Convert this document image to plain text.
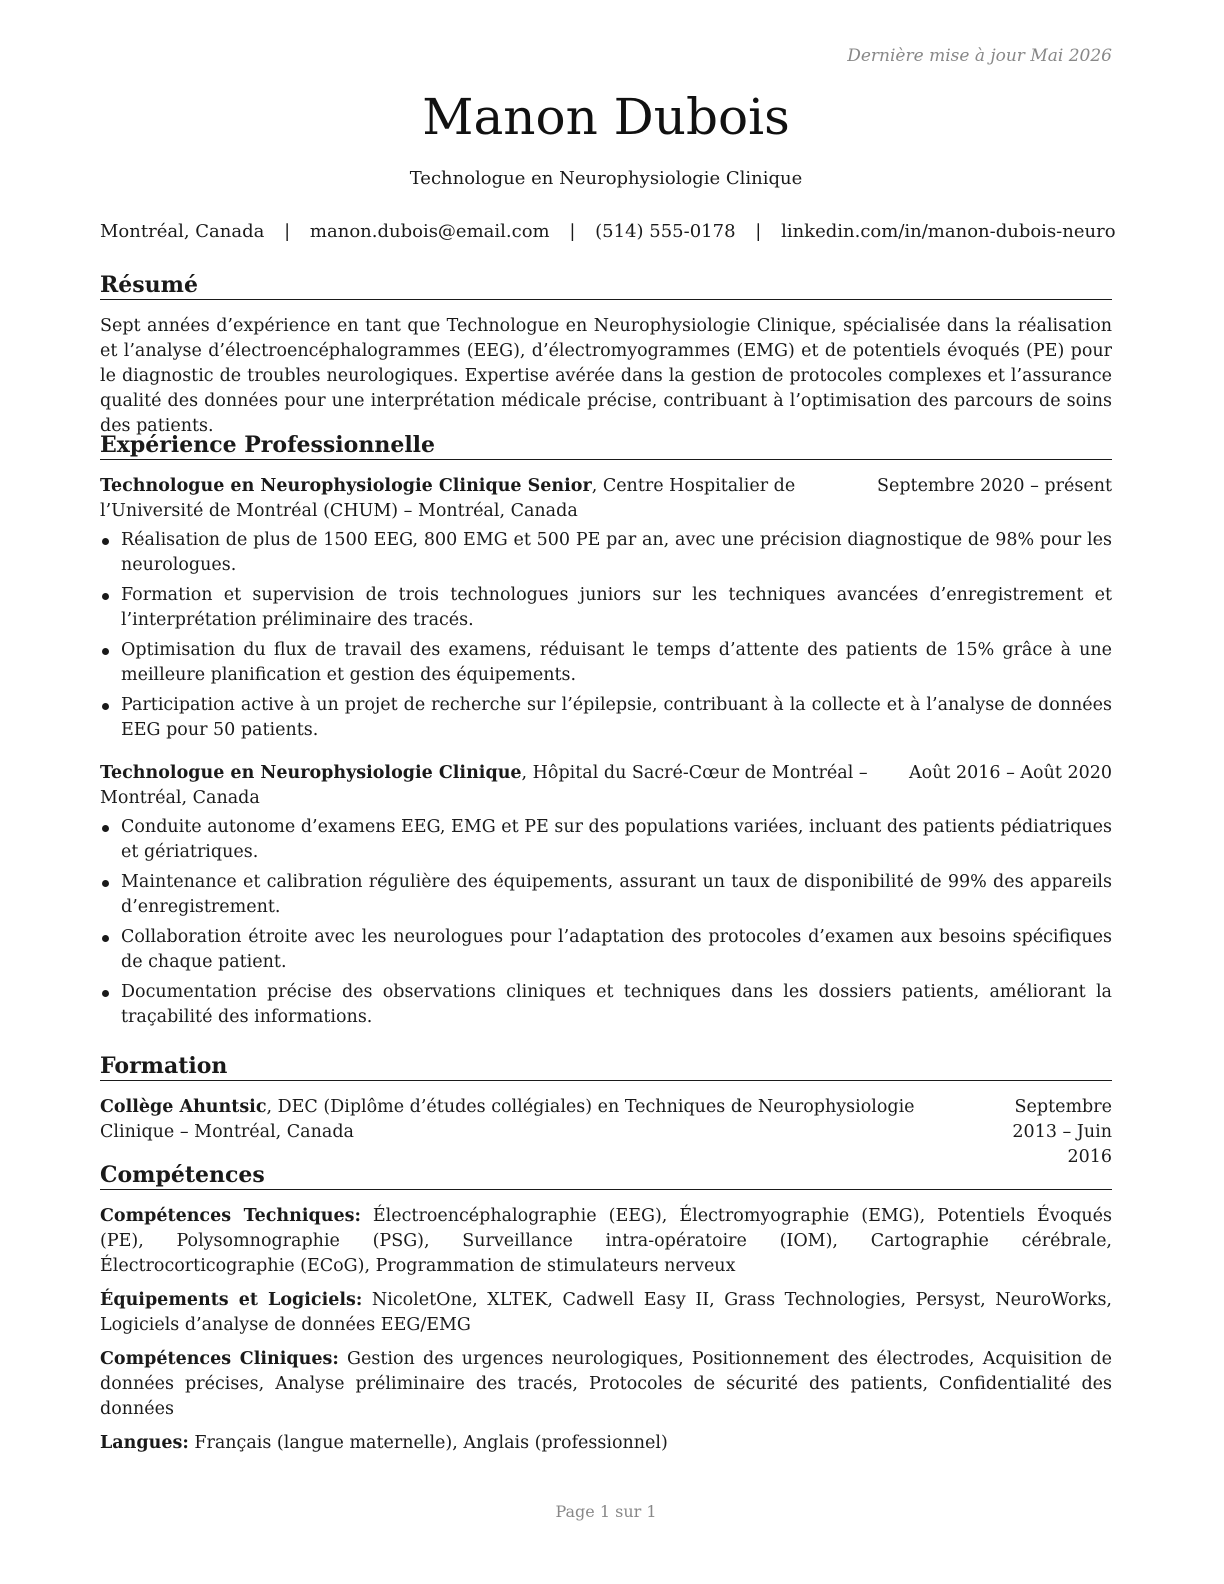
Dernière mise à jour Mai 2026
Manon Dubois
Technologue en Neurophysiologie Clinique
Montréal, Canada | manon.dubois@email.com | (514) 555-0178 | linkedin.com/in/manon-dubois-neuro
Résumé
Sept années d’expérience en tant que Technologue en Neurophysiologie Clinique, spécialisée dans la réalisation et l’analyse d’électroencéphalogrammes (EEG), d’électromyogrammes (EMG) et de potentiels évoqués (PE) pour le diagnostic de troubles neurologiques. Expertise avérée dans la gestion de protocoles complexes et l’assurance qualité des données pour une interprétation médicale précise, contribuant à l’optimisation des parcours de soins des patients.
Expérience Professionnelle
Technologue en Neurophysiologie Clinique Senior, Centre Hospitalier de l’Université de Montréal (CHUM) – Montréal, Canada
Septembre 2020 – présent
Réalisation de plus de 1500 EEG, 800 EMG et 500 PE par an, avec une précision diagnostique de 98% pour les neurologues.
Formation et supervision de trois technologues juniors sur les techniques avancées d’enregistrement et l’interprétation préliminaire des tracés.
Optimisation du flux de travail des examens, réduisant le temps d’attente des patients de 15% grâce à une meilleure planification et gestion des équipements.
Participation active à un projet de recherche sur l’épilepsie, contribuant à la collecte et à l’analyse de données EEG pour 50 patients.
Technologue en Neurophysiologie Clinique, Hôpital du Sacré-Cœur de Montréal – Montréal, Canada
Août 2016 – Août 2020
Conduite autonome d’examens EEG, EMG et PE sur des populations variées, incluant des patients pédiatriques et gériatriques.
Maintenance et calibration régulière des équipements, assurant un taux de disponibilité de 99% des appareils d’enregistrement.
Collaboration étroite avec les neurologues pour l’adaptation des protocoles d’examen aux besoins spécifiques de chaque patient.
Documentation précise des observations cliniques et techniques dans les dossiers patients, améliorant la traçabilité des informations.
Formation
Collège Ahuntsic, DEC (Diplôme d’études collégiales) en Techniques de Neurophysiologie Clinique – Montréal, Canada
Septembre 2013 – Juin 2016
Compétences
Compétences Techniques: Électroencéphalographie (EEG), Électromyographie (EMG), Potentiels Évoqués (PE), Polysomnographie (PSG), Surveillance intra-opératoire (IOM), Cartographie cérébrale, Électrocorticographie (ECoG), Programmation de stimulateurs nerveux
Équipements et Logiciels: NicoletOne, XLTEK, Cadwell Easy II, Grass Technologies, Persyst, NeuroWorks, Logiciels d’analyse de données EEG/EMG
Compétences Cliniques: Gestion des urgences neurologiques, Positionnement des électrodes, Acquisition de données précises, Analyse préliminaire des tracés, Protocoles de sécurité des patients, Confidentialité des données
Langues: Français (langue maternelle), Anglais (professionnel)
Page 1 sur 1
